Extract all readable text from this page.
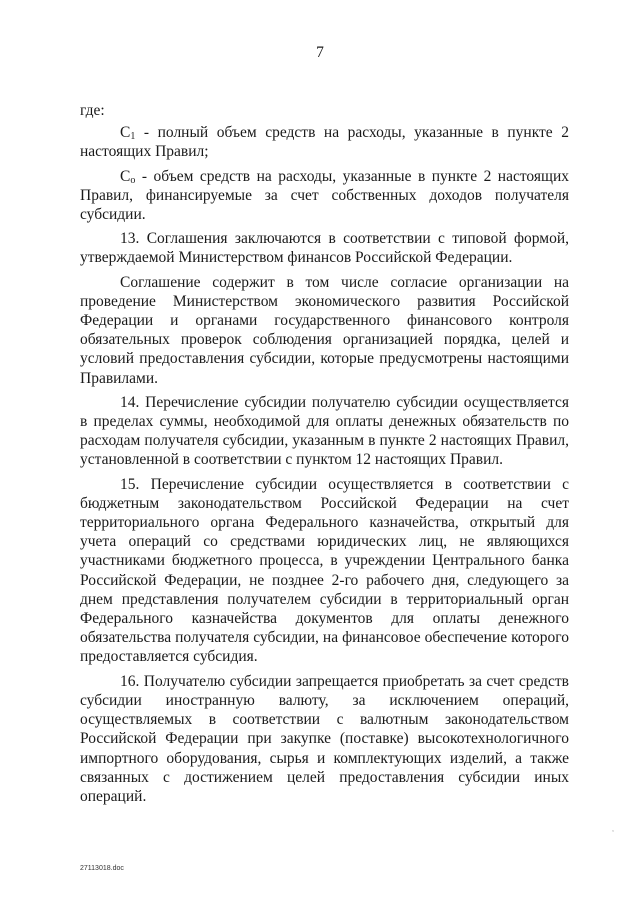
7

где:

$С_1$ - полный объем средств на расходы, указанные в пункте 2 настоящих Правил;

$С_о$ - объем средств на расходы, указанные в пункте 2 настоящих Правил, финансируемые за счет собственных доходов получателя субсидии.

13. Соглашения заключаются в соответствии с типовой формой, утверждаемой Министерством финансов Российской Федерации.

Соглашение содержит в том числе согласие организации на проведение Министерством экономического развития Российской Федерации и органами государственного финансового контроля обязательных проверок соблюдения организацией порядка, целей и условий предоставления субсидии, которые предусмотрены настоящими Правилами.

14. Перечисление субсидии получателю субсидии осуществляется в пределах суммы, необходимой для оплаты денежных обязательств по расходам получателя субсидии, указанным в пункте 2 настоящих Правил, установленной в соответствии с пунктом 12 настоящих Правил.

15. Перечисление субсидии осуществляется в соответствии с бюджетным законодательством Российской Федерации на счет территориального органа Федерального казначейства, открытый для учета операций со средствами юридических лиц, не являющихся участниками бюджетного процесса, в учреждении Центрального банка Российской Федерации, не позднее 2-го рабочего дня, следующего за днем представления получателем субсидии в территориальный орган Федерального казначейства документов для оплаты денежного обязательства получателя субсидии, на финансовое обеспечение которого предоставляется субсидия.

16. Получателю субсидии запрещается приобретать за счет средств субсидии иностранную валюту, за исключением операций, осуществляемых в соответствии с валютным законодательством Российской Федерации при закупке (поставке) высокотехнологичного импортного оборудования, сырья и комплектующих изделий, а также связанных с достижением целей предоставления субсидии иных операций.

,
27113018.doc
